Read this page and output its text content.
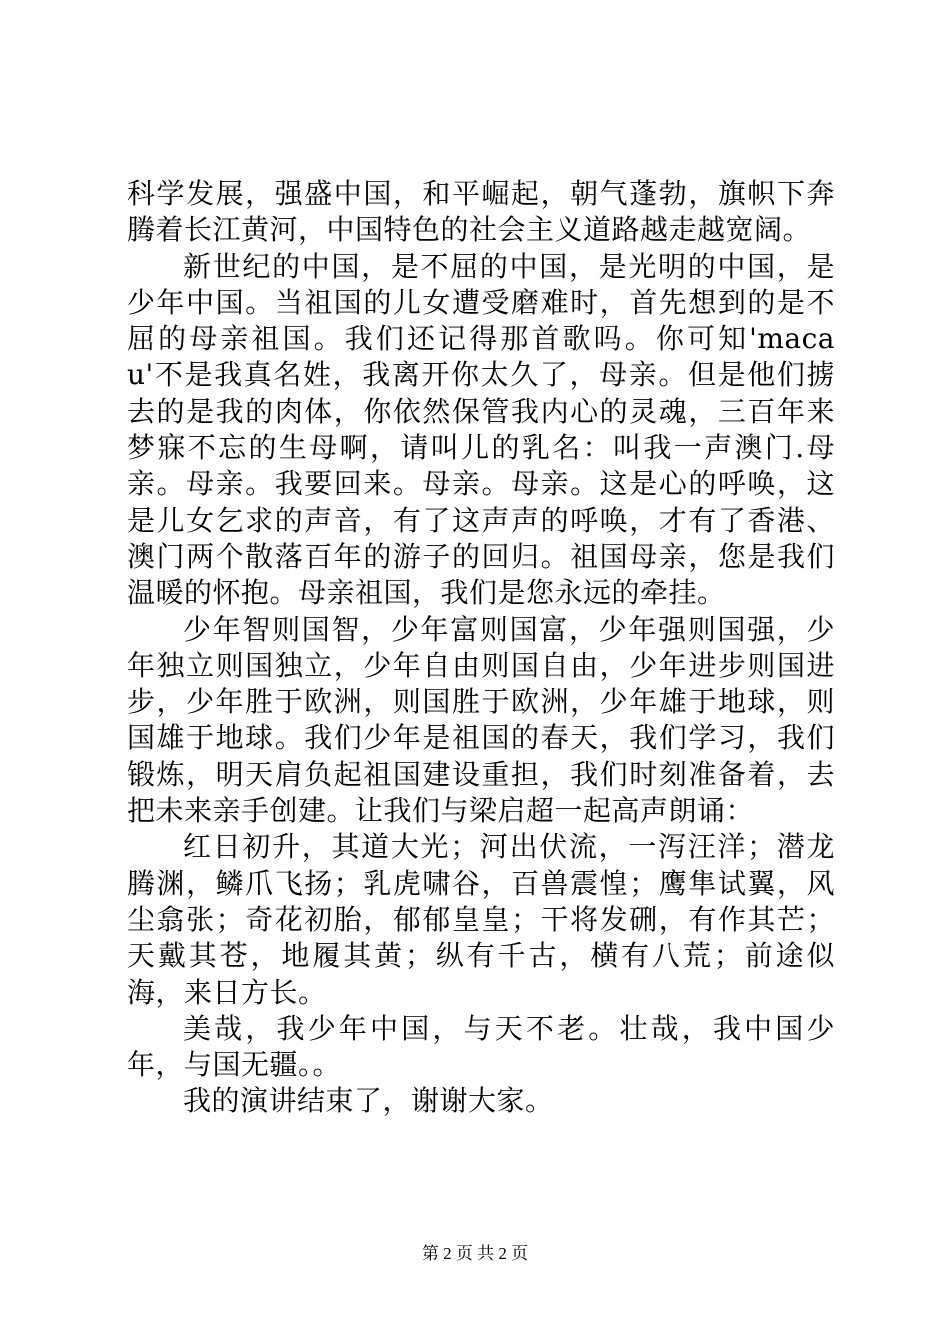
科学发展，强盛中国，和平崛起，朝气蓬勃，旗帜下奔腾着长江黄河，中国特色的社会主义道路越走越宽阔。

新世纪的中国，是不屈的中国，是光明的中国，是少年中国。当祖国的儿女遭受磨难时，首先想到的是不屈的母亲祖国。我们还记得那首歌吗。你可知'macau'不是我真名姓，我离开你太久了，母亲。但是他们掳去的是我的肉体，你依然保管我内心的灵魂，三百年来梦寐不忘的生母啊，请叫儿的乳名：叫我一声澳门.母亲。母亲。我要回来。母亲。母亲。这是心的呼唤，这是儿女乞求的声音，有了这声声的呼唤，才有了香港、澳门两个散落百年的游子的回归。祖国母亲，您是我们温暖的怀抱。母亲祖国，我们是您永远的牵挂。

少年智则国智，少年富则国富，少年强则国强，少年独立则国独立，少年自由则国自由，少年进步则国进步，少年胜于欧洲，则国胜于欧洲，少年雄于地球，则国雄于地球。我们少年是祖国的春天，我们学习，我们锻炼，明天肩负起祖国建设重担，我们时刻准备着，去把未来亲手创建。让我们与梁启超一起高声朗诵：

红日初升，其道大光；河出伏流，一泻汪洋；潜龙腾渊，鳞爪飞扬；乳虎啸谷，百兽震惶；鹰隼试翼，风尘翕张；奇花初胎，郁郁皇皇；干将发硎，有作其芒；天戴其苍，地履其黄；纵有千古，横有八荒；前途似海，来日方长。

美哉，我少年中国，与天不老。壮哉，我中国少年，与国无疆。。

我的演讲结束了，谢谢大家。

第 2 页 共 2 页
